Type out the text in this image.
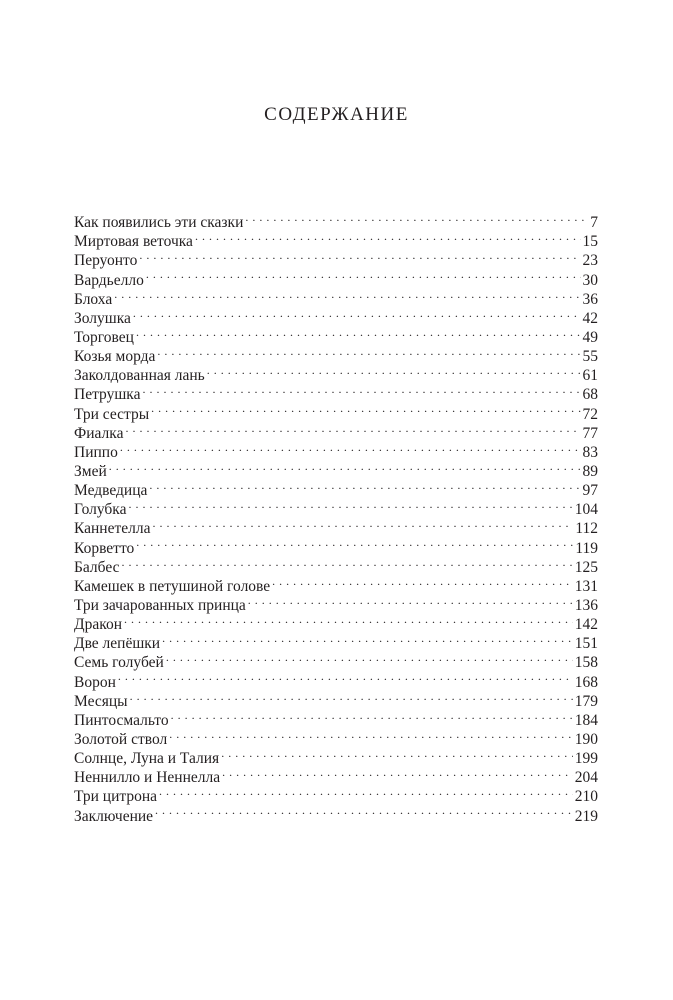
СОДЕРЖАНИЕ
Как появились эти сказки . . .	7
Миртовая веточка . . .	15
Перуонто . . .	23
Вардьелло . . .	30
Блоха . . .	36
Золушка . . .	42
Торговец . . .	49
Козья морда . . .	55
Заколдованная лань . . .	61
Петрушка . . .	68
Три сестры . . .	72
Фиалка . . .	77
Пиппо . . .	83
Змей . . .	89
Медведица . . .	97
Голубка . . .	104
Каннетелла . . .	112
Корветто . . .	119
Балбес . . .	125
Камешек в петушиной голове . . .	131
Три зачарованных принца . . .	136
Дракон . . .	142
Две лепёшки . . .	151
Семь голубей . . .	158
Ворон . . .	168
Месяцы . . .	179
Пинтосмальто . . .	184
Золотой ствол . . .	190
Солнце, Луна и Талия . . .	199
Неннилло и Неннелла . . .	204
Три цитрона . . .	210
Заключение . . .	219
